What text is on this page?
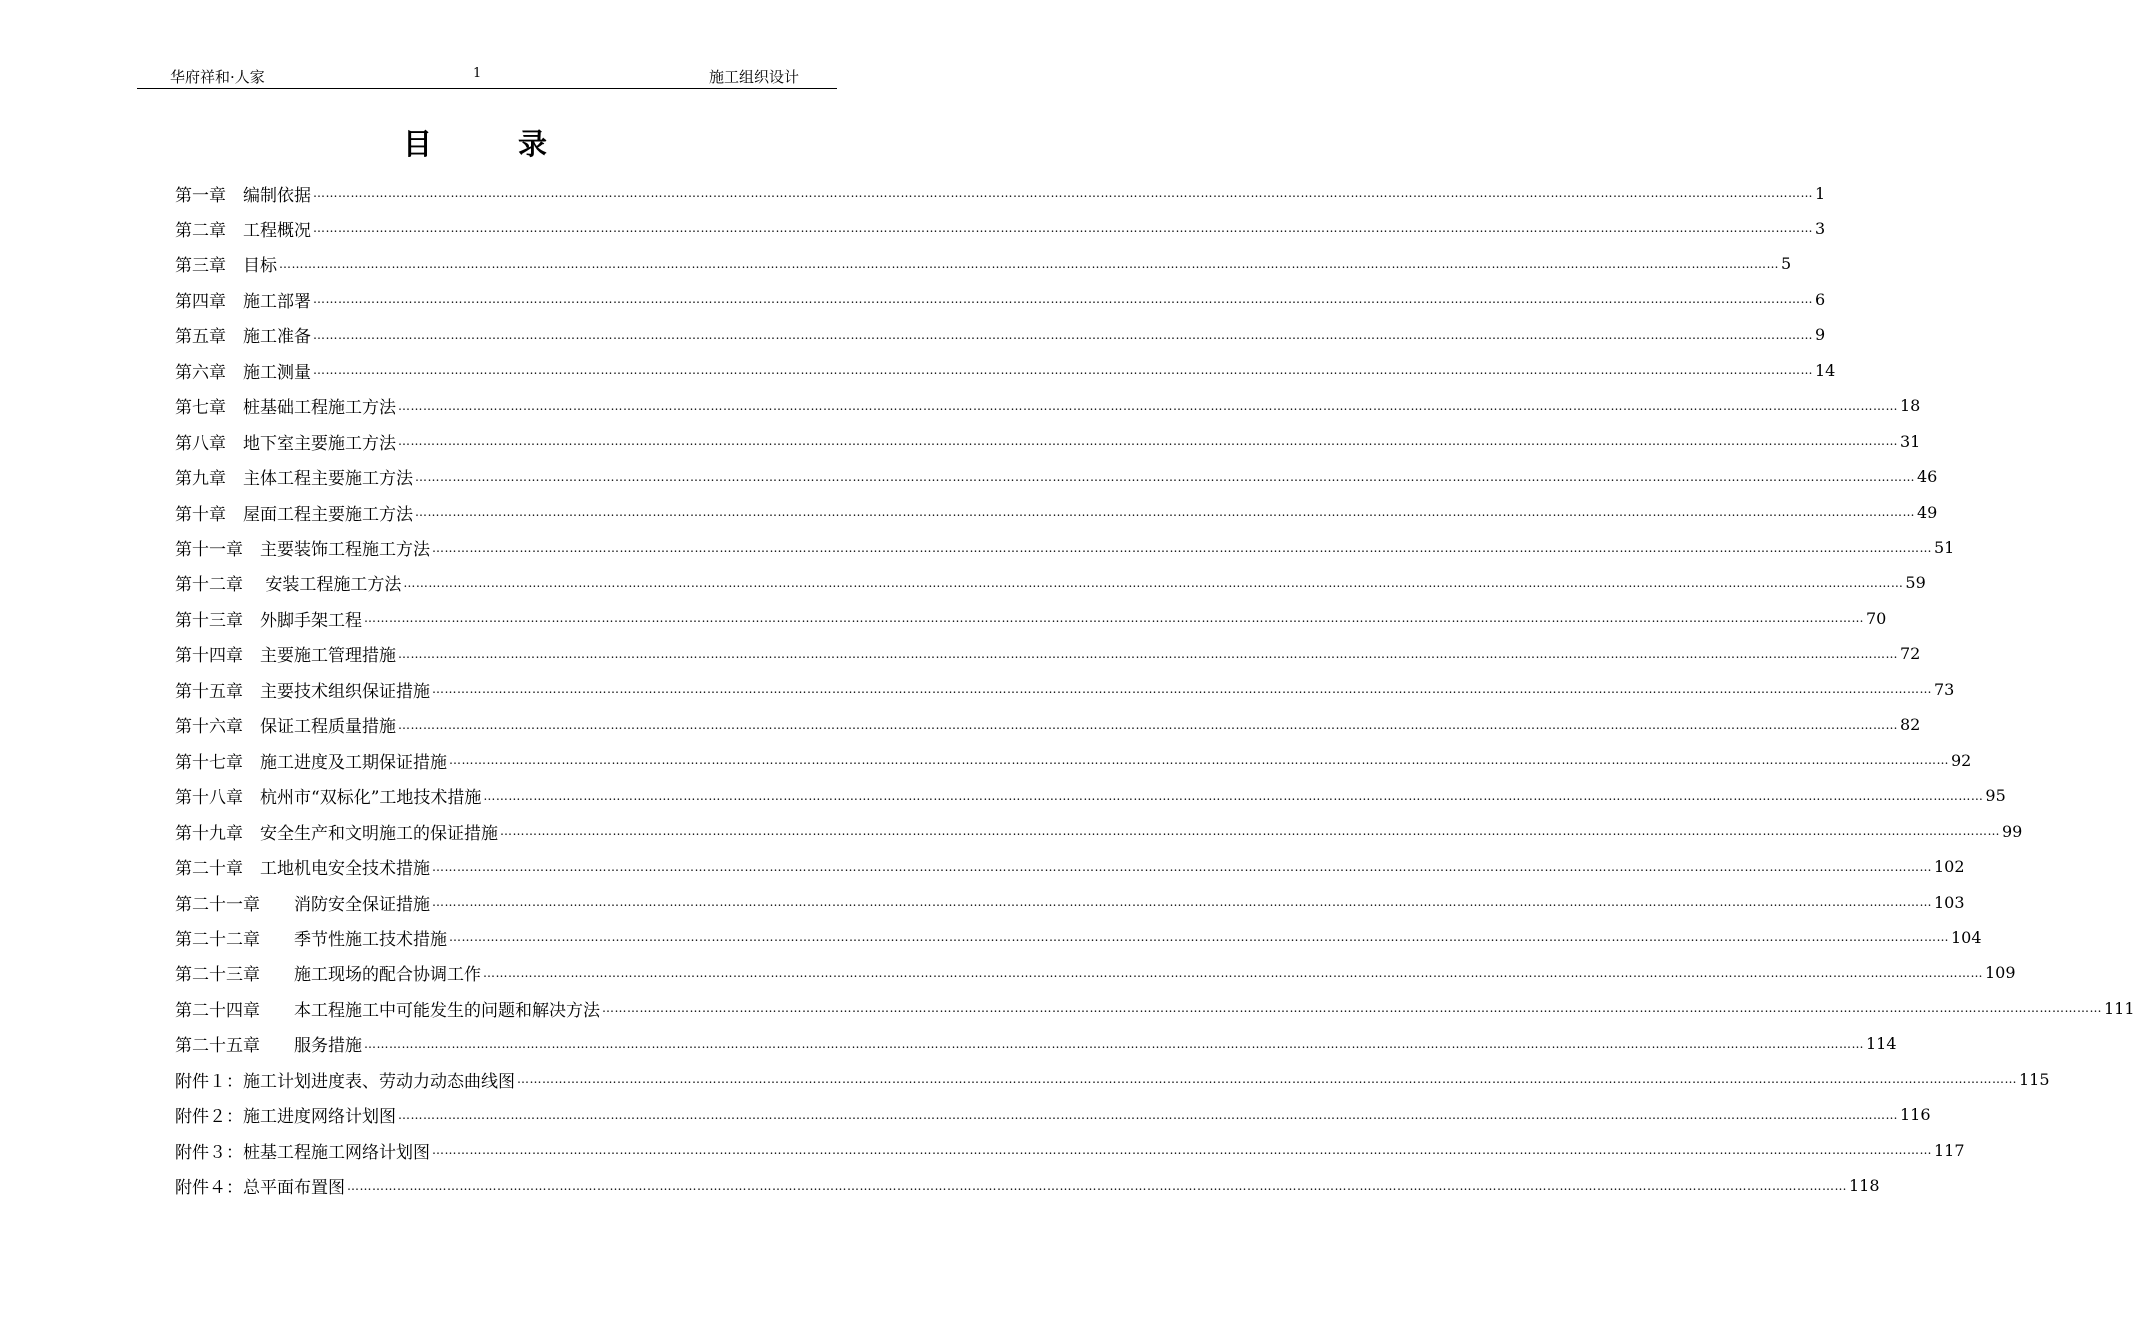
华府祥和·人家	1	施工组织设计
目录
第一章　编制依据 ……………………………………………………………………………………………………………………………………………………………………………………………………………………………………………………………………………………………………………………………… 1
第二章　工程概况 ……………………………………………………………………………………………………………………………………………………………………………………………………………………………………………………………………………………………………………………………… 3
第三章　目标 ……………………………………………………………………………………………………………………………………………………………………………………………………………………………………………………………………………………………………………………………… 5
第四章　施工部署 ……………………………………………………………………………………………………………………………………………………………………………………………………………………………………………………………………………………………………………………………… 6
第五章　施工准备 ……………………………………………………………………………………………………………………………………………………………………………………………………………………………………………………………………………………………………………………………… 9
第六章　施工测量 ……………………………………………………………………………………………………………………………………………………………………………………………………………………………………………………………………………………………………………………………… 14
第七章　桩基础工程施工方法 ……………………………………………………………………………………………………………………………………………………………………………………………………………………………………………………………………………………………………………………………… 18
第八章　地下室主要施工方法 ……………………………………………………………………………………………………………………………………………………………………………………………………………………………………………………………………………………………………………………………… 31
第九章　主体工程主要施工方法 ……………………………………………………………………………………………………………………………………………………………………………………………………………………………………………………………………………………………………………………………… 46
第十章　屋面工程主要施工方法 ……………………………………………………………………………………………………………………………………………………………………………………………………………………………………………………………………………………………………………………………… 49
第十一章　主要装饰工程施工方法 ……………………………………………………………………………………………………………………………………………………………………………………………………………………………………………………………………………………………………………………………… 51
第十二章　 安装工程施工方法 ……………………………………………………………………………………………………………………………………………………………………………………………………………………………………………………………………………………………………………………………… 59
第十三章　外脚手架工程 ……………………………………………………………………………………………………………………………………………………………………………………………………………………………………………………………………………………………………………………………… 70
第十四章　主要施工管理措施 ……………………………………………………………………………………………………………………………………………………………………………………………………………………………………………………………………………………………………………………………… 72
第十五章　主要技术组织保证措施 ……………………………………………………………………………………………………………………………………………………………………………………………………………………………………………………………………………………………………………………………… 73
第十六章　保证工程质量措施 ……………………………………………………………………………………………………………………………………………………………………………………………………………………………………………………………………………………………………………………………… 82
第十七章　施工进度及工期保证措施 ……………………………………………………………………………………………………………………………………………………………………………………………………………………………………………………………………………………………………………………………… 92
第十八章　杭州市“双标化”工地技术措施 ……………………………………………………………………………………………………………………………………………………………………………………………………………………………………………………………………………………………………………………………… 95
第十九章　安全生产和文明施工的保证措施 ……………………………………………………………………………………………………………………………………………………………………………………………………………………………………………………………………………………………………………………………… 99
第二十章　工地机电安全技术措施 ……………………………………………………………………………………………………………………………………………………………………………………………………………………………………………………………………………………………………………………………… 102
第二十一章　　消防安全保证措施 ……………………………………………………………………………………………………………………………………………………………………………………………………………………………………………………………………………………………………………………………… 103
第二十二章　　季节性施工技术措施 ……………………………………………………………………………………………………………………………………………………………………………………………………………………………………………………………………………………………………………………………… 104
第二十三章　　施工现场的配合协调工作 ……………………………………………………………………………………………………………………………………………………………………………………………………………………………………………………………………………………………………………………………… 109
第二十四章　　本工程施工中可能发生的问题和解决方法 ……………………………………………………………………………………………………………………………………………………………………………………………………………………………………………………………………………………………………………………………… 111
第二十五章　　服务措施 ……………………………………………………………………………………………………………………………………………………………………………………………………………………………………………………………………………………………………………………………… 114
附件１：施工计划进度表、劳动力动态曲线图 ……………………………………………………………………………………………………………………………………………………………………………………………………………………………………………………………………………………………………………………………… 115
附件２：施工进度网络计划图 ……………………………………………………………………………………………………………………………………………………………………………………………………………………………………………………………………………………………………………………………… 116
附件３：桩基工程施工网络计划图 ……………………………………………………………………………………………………………………………………………………………………………………………………………………………………………………………………………………………………………………………… 117
附件４：总平面布置图 ……………………………………………………………………………………………………………………………………………………………………………………………………………………………………………………………………………………………………………………………… 118
